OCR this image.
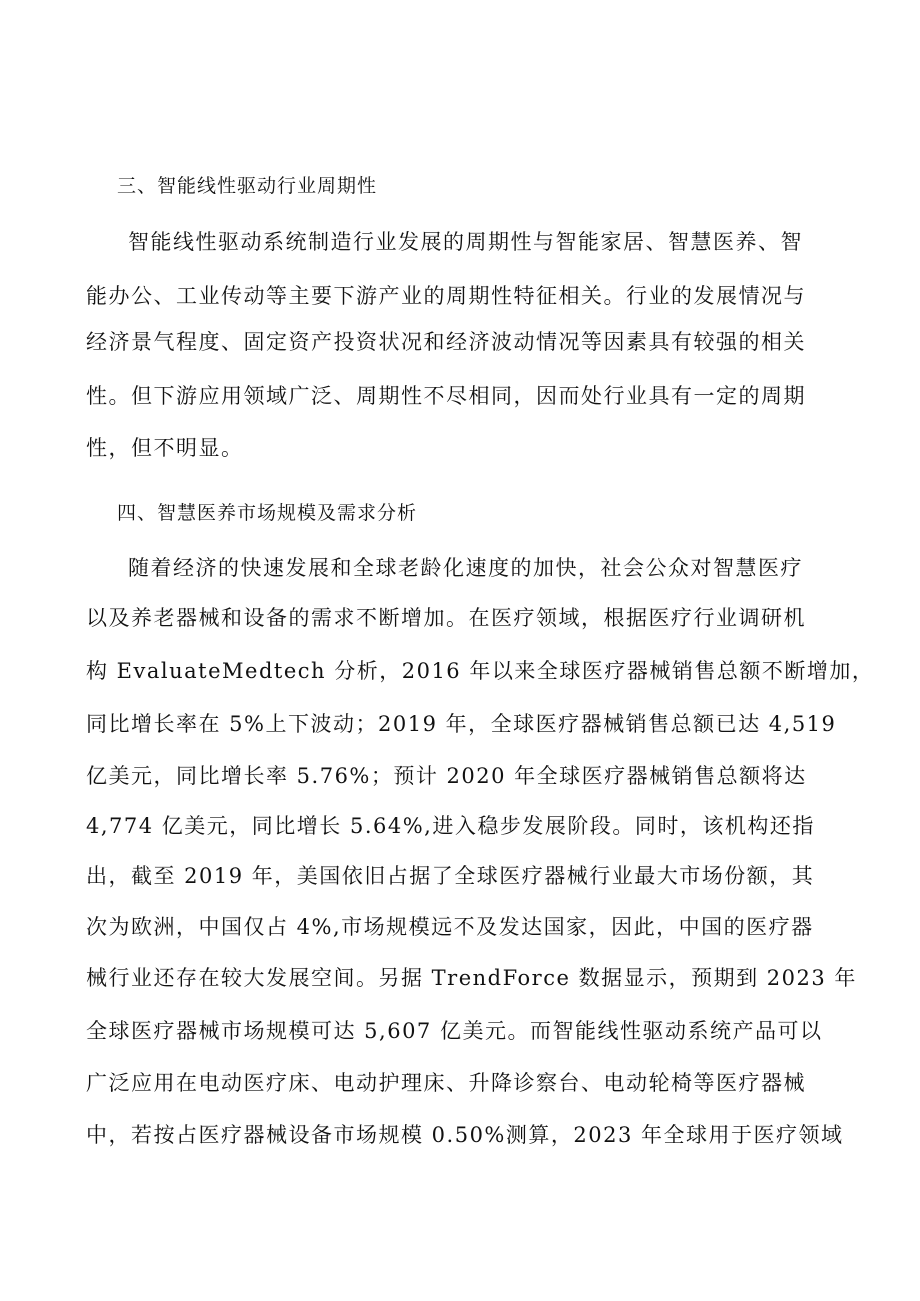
三、智能线性驱动行业周期性
智能线性驱动系统制造行业发展的周期性与智能家居、智慧医养、智
能办公、工业传动等主要下游产业的周期性特征相关。行业的发展情况与
经济景气程度、固定资产投资状况和经济波动情况等因素具有较强的相关
性。但下游应用领域广泛、周期性不尽相同，因而处行业具有一定的周期
性，但不明显。
四、智慧医养市场规模及需求分析
随着经济的快速发展和全球老龄化速度的加快，社会公众对智慧医疗
以及养老器械和设备的需求不断增加。在医疗领域，根据医疗行业调研机
构 EvaluateMedtech 分析，2016 年以来全球医疗器械销售总额不断增加，
同比增长率在 5%上下波动；2019 年，全球医疗器械销售总额已达 4,519
亿美元，同比增长率 5.76%；预计 2020 年全球医疗器械销售总额将达
4,774 亿美元，同比增长 5.64%,进入稳步发展阶段。同时，该机构还指
出，截至 2019 年，美国依旧占据了全球医疗器械行业最大市场份额，其
次为欧洲，中国仅占 4%,市场规模远不及发达国家，因此，中国的医疗器
械行业还存在较大发展空间。另据 TrendForce 数据显示，预期到 2023 年
全球医疗器械市场规模可达 5,607 亿美元。而智能线性驱动系统产品可以
广泛应用在电动医疗床、电动护理床、升降诊察台、电动轮椅等医疗器械
中，若按占医疗器械设备市场规模 0.50%测算，2023 年全球用于医疗领域
